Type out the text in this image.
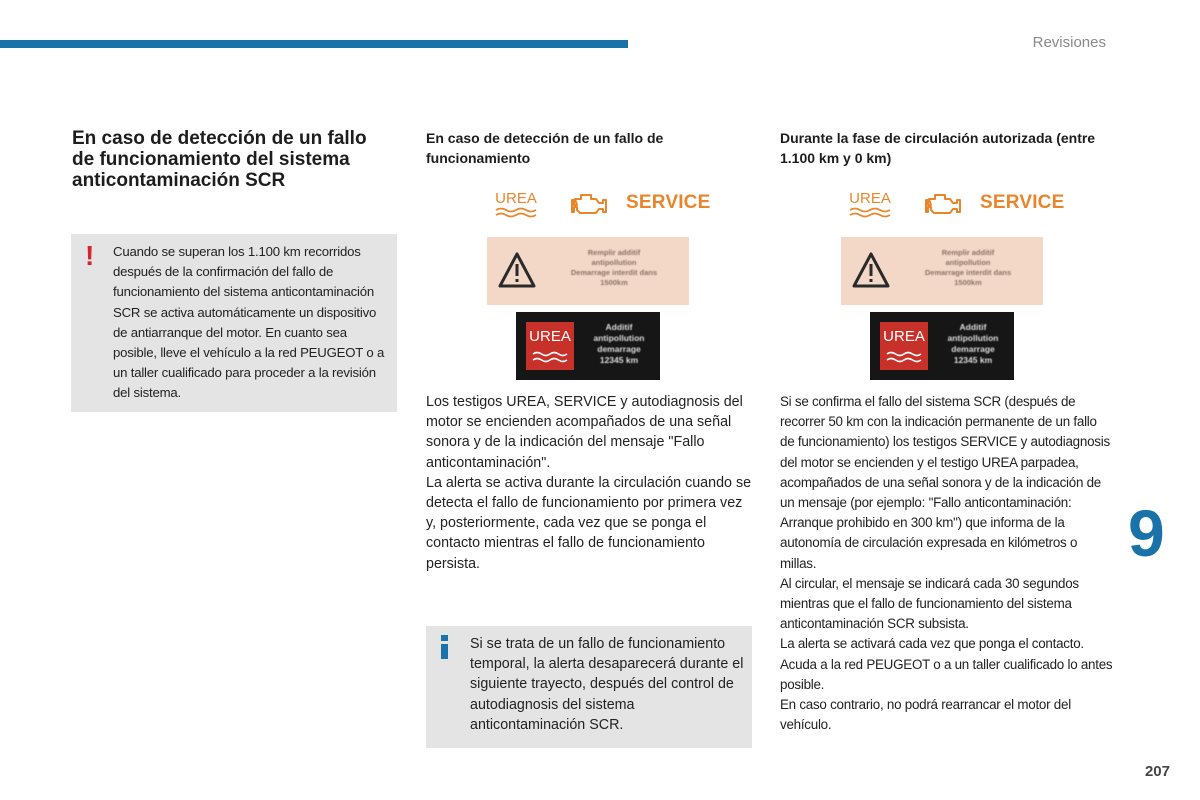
Revisiones
En caso de detección de un fallo de funcionamiento del sistema anticontaminación SCR
! Cuando se superan los 1.100 km recorridos después de la confirmación del fallo de funcionamiento del sistema anticontaminación SCR se activa automáticamente un dispositivo de antiarranque del motor. En cuanto sea posible, lleve el vehículo a la red PEUGEOT o a un taller cualificado para proceder a la revisión del sistema.
En caso de detección de un fallo de funcionamiento
UREA	SERVICE
Remplir additif
antipollution
Demarrage interdit dans
1500km
UREA
Additif
antipollution
demarrage
12345 km

Los testigos UREA, SERVICE y autodiagnosis del motor se encienden acompañados de una señal sonora y de la indicación del mensaje "Fallo anticontaminación".

La alerta se activa durante la circulación cuando se detecta el fallo de funcionamiento por primera vez y, posteriormente, cada vez que se ponga el contacto mientras el fallo de funcionamiento persista.

Si se trata de un fallo de funcionamiento temporal, la alerta desaparecerá durante el siguiente trayecto, después del control de autodiagnosis del sistema anticontaminación SCR.
Durante la fase de circulación autorizada (entre 1.100 km y 0 km)
UREA	SERVICE
Remplir additif
antipollution
Demarrage interdit dans
1500km
UREA
Additif
antipollution
demarrage
12345 km

Si se confirma el fallo del sistema SCR (después de recorrer 50 km con la indicación permanente de un fallo de funcionamiento) los testigos SERVICE y autodiagnosis del motor se encienden y el testigo UREA parpadea, acompañados de una señal sonora y de la indicación de un mensaje (por ejemplo: "Fallo anticontaminación: Arranque prohibido en 300 km") que informa de la autonomía de circulación expresada en kilómetros o millas.

Al circular, el mensaje se indicará cada 30 segundos mientras que el fallo de funcionamiento del sistema anticontaminación SCR subsista.

La alerta se activará cada vez que ponga el contacto.

Acuda a la red PEUGEOT o a un taller cualificado lo antes posible.

En caso contrario, no podrá rearrancar el motor del vehículo.

9
207
